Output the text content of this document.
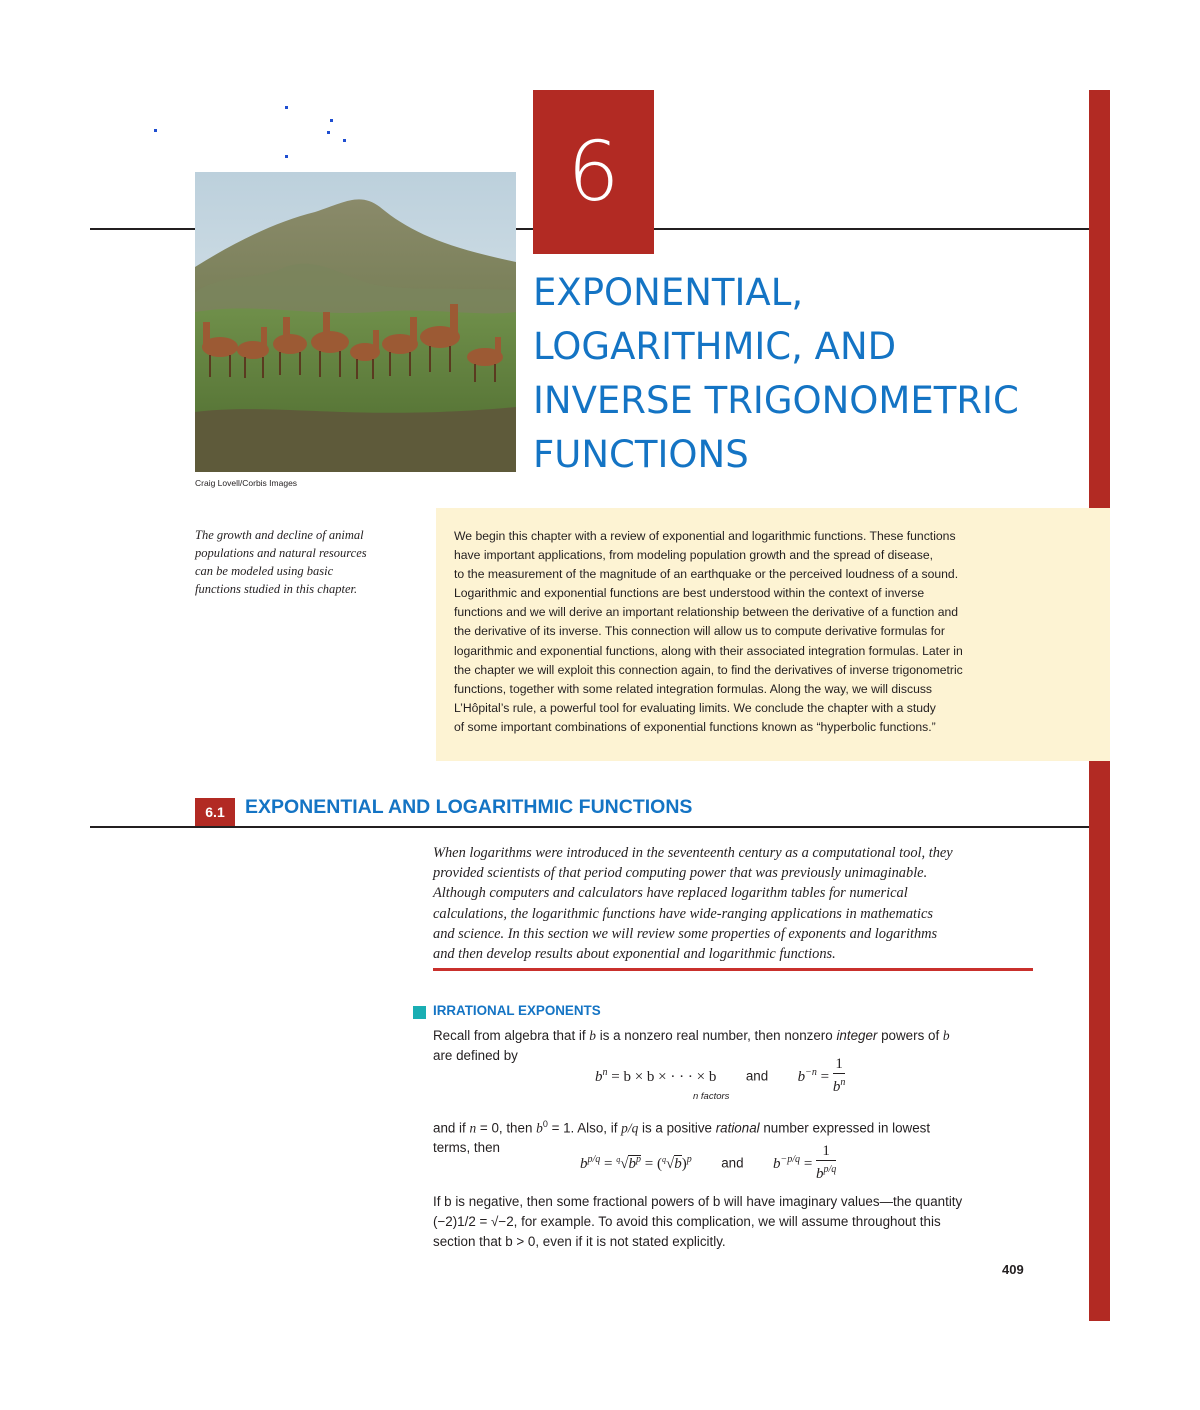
6
EXPONENTIAL,
LOGARITHMIC, AND
INVERSE TRIGONOMETRIC
FUNCTIONS
Craig Lovell/Corbis Images
The growth and decline of animal
populations and natural resources
can be modeled using basic
functions studied in this chapter.
We begin this chapter with a review of exponential and logarithmic functions. These functions
have important applications, from modeling population growth and the spread of disease,
to the measurement of the magnitude of an earthquake or the perceived loudness of a sound.
Logarithmic and exponential functions are best understood within the context of inverse
functions and we will derive an important relationship between the derivative of a function and
the derivative of its inverse. This connection will allow us to compute derivative formulas for
logarithmic and exponential functions, along with their associated integration formulas. Later in
the chapter we will exploit this connection again, to find the derivatives of inverse trigonometric
functions, together with some related integration formulas. Along the way, we will discuss
L’Hôpital’s rule, a powerful tool for evaluating limits. We conclude the chapter with a study
of some important combinations of exponential functions known as “hyperbolic functions.”
6.1 EXPONENTIAL AND LOGARITHMIC FUNCTIONS
When logarithms were introduced in the seventeenth century as a computational tool, they
provided scientists of that period computing power that was previously unimaginable.
Although computers and calculators have replaced logarithm tables for numerical
calculations, the logarithmic functions have wide-ranging applications in mathematics
and science. In this section we will review some properties of exponents and logarithms
and then develop results about exponential and logarithmic functions.
IRRATIONAL EXPONENTS
Recall from algebra that if b is a nonzero real number, then nonzero integer powers of b
are defined by
$b^n = b \times b$ × · · · × b
n factors
and $b^{-n} = \frac{1}{b^n}$
and if n = 0, then $b^0 = 1$. Also, if p/q is a positive rational number expressed in lowest
terms, then
$b^{p/q} = ^q√b^p = (^q√b)^p$ and $b^{-p/q} = \frac{1}{b^{p/q}}$
If b is negative, then some fractional powers of b will have imaginary values—the quantity
(−2)1/2 = √−2, for example. To avoid this complication, we will assume throughout this
section that b > 0, even if it is not stated explicitly.
409
